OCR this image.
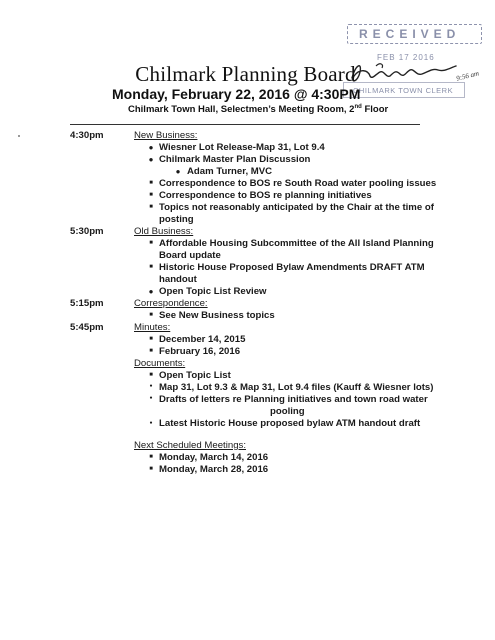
RECEIVED
FEB 17 2016
CHILMARK TOWN CLERK
9:56 am
Chilmark Planning Board
Monday, February 22, 2016 @ 4:30PM
Chilmark Town Hall, Selectmen’s Meeting Room, 2nd Floor
4:30pm	New Business:
● Wiesner Lot Release-Map 31, Lot 9.4
● Chilmark Master Plan Discussion
● Adam Turner, MVC
■ Correspondence to BOS re South Road water pooling issues
■ Correspondence to BOS re planning initiatives
■ Topics not reasonably anticipated by the Chair at the time of
posting
5:30pm	Old Business:
■ Affordable Housing Subcommittee of the All Island Planning
Board update
■ Historic House Proposed Bylaw Amendments DRAFT ATM
handout
● Open Topic List Review
5:15pm	Correspondence:
■ See New Business topics
5:45pm	Minutes:
■ December 14, 2015
■ February 16, 2016
Documents:
■ Open Topic List
● Map 31, Lot 9.3 & Map 31, Lot 9.4 files (Kauff & Wiesner lots)
● Drafts of letters re Planning initiatives and town road water
pooling
● Latest Historic House proposed bylaw ATM handout draft
Next Scheduled Meetings:
■ Monday, March 14, 2016
■ Monday, March 28, 2016
